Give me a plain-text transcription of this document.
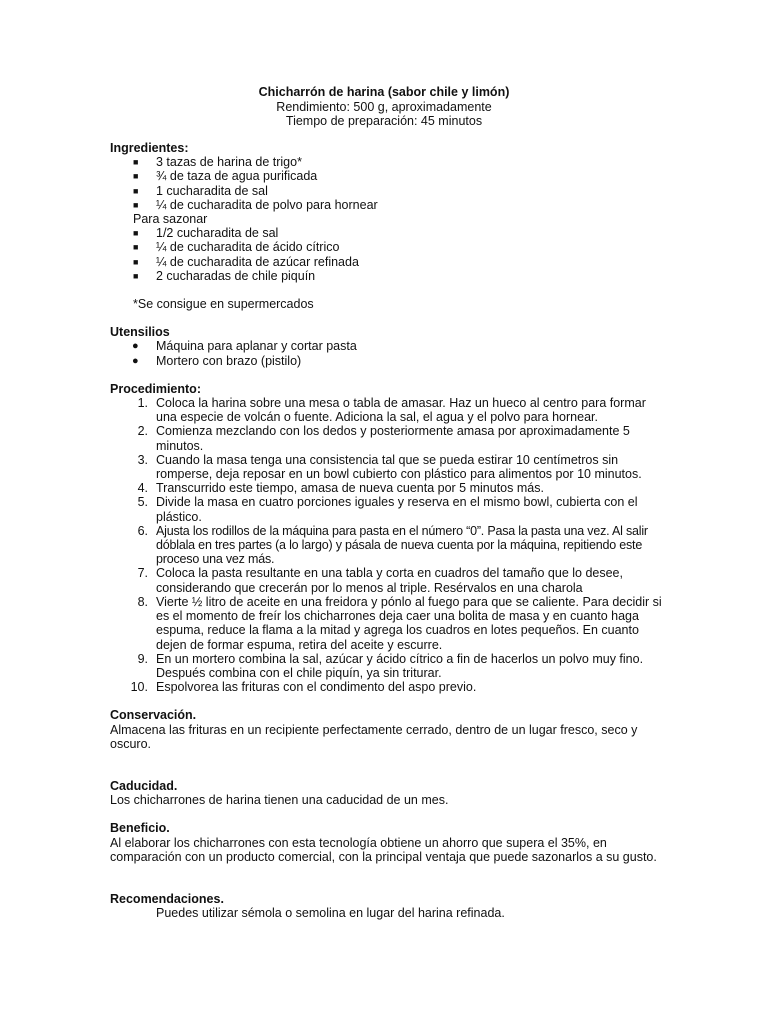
Chicharrón de harina (sabor chile y limón)
Rendimiento: 500 g, aproximadamente
Tiempo de preparación: 45 minutos
Ingredientes:
■ 3 tazas de harina de trigo*
■ ¾ de taza de agua purificada
■ 1 cucharadita de sal
■ ¼ de cucharadita de polvo para hornear
Para sazonar
■ 1/2 cucharadita de sal
■ ¼ de cucharadita de ácido cítrico
■ ¼ de cucharadita de azúcar refinada
■ 2 cucharadas de chile piquín
*Se consigue en supermercados
Utensilios
● Máquina para aplanar y cortar pasta
● Mortero con brazo (pistilo)
Procedimiento:
1. Coloca la harina sobre una mesa o tabla de amasar. Haz un hueco al centro para formar una especie de volcán o fuente. Adiciona la sal, el agua y el polvo para hornear.
2. Comienza mezclando con los dedos y posteriormente amasa por aproximadamente 5 minutos.
3. Cuando la masa tenga una consistencia tal que se pueda estirar 10 centímetros sin romperse, deja reposar en un bowl cubierto con plástico para alimentos por 10 minutos.
4. Transcurrido este tiempo, amasa de nueva cuenta por 5 minutos más.
5. Divide la masa en cuatro porciones iguales y reserva en el mismo bowl, cubierta con el plástico.
6. Ajusta los rodillos de la máquina para pasta en el número “0”. Pasa la pasta una vez. Al salir dóblala en tres partes (a lo largo) y pásala de nueva cuenta por la máquina, repitiendo este proceso una vez más.
7. Coloca la pasta resultante en una tabla y corta en cuadros del tamaño que lo desee, considerando que crecerán por lo menos al triple. Resérvalos en una charola
8. Vierte ½ litro de aceite en una freidora y pónlo al fuego para que se caliente. Para decidir si es el momento de freír los chicharrones deja caer una bolita de masa y en cuanto haga espuma, reduce la flama a la mitad y agrega los cuadros en lotes pequeños. En cuanto dejen de formar espuma, retira del aceite y escurre.
9. En un mortero combina la sal, azúcar y ácido cítrico a fin de hacerlos un polvo muy fino. Después combina con el chile piquín, ya sin triturar.
10. Espolvorea las frituras con el condimento del aspo previo.
Conservación.
Almacena las frituras en un recipiente perfectamente cerrado, dentro de un lugar fresco, seco y oscuro.
Caducidad.
Los chicharrones de harina tienen una caducidad de un mes.
Beneficio.
Al elaborar los chicharrones con esta tecnología obtiene un ahorro que supera el 35%, en comparación con un producto comercial, con la principal ventaja que puede sazonarlos a su gusto.
Recomendaciones.
Puedes utilizar sémola o semolina en lugar del harina refinada.
